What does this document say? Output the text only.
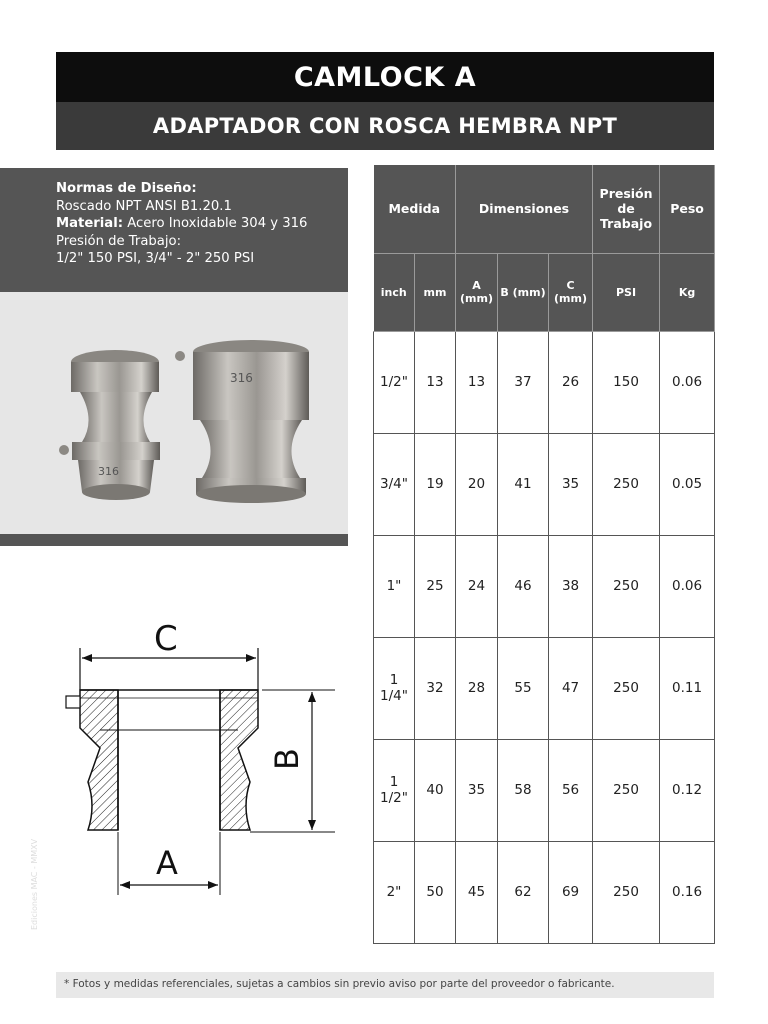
CAMLOCK A
ADAPTADOR CON ROSCA HEMBRA NPT
Normas de Diseño:
Roscado NPT ANSI B1.20.1
Material: Acero Inoxidable 304 y 316
Presión de Trabajo:
1/2" 150 PSI, 3/4" - 2" 250 PSI
316
316
C
B
A
Ediciones MAC - MMXV
Medida		Dimensiones			Presión de Trabajo	Peso
inch	mm	A (mm)	B (mm)	C (mm)	PSI	Kg
1/2"	13	13	37	26	150	0.06
3/4"	19	20	41	35	250	0.05
1"	25	24	46	38	250	0.06
1 1/4"	32	28	55	47	250	0.11
1 1/2"	40	35	58	56	250	0.12
2"	50	45	62	69	250	0.16
* Fotos y medidas referenciales, sujetas a cambios sin previo aviso por parte del proveedor o fabricante.
